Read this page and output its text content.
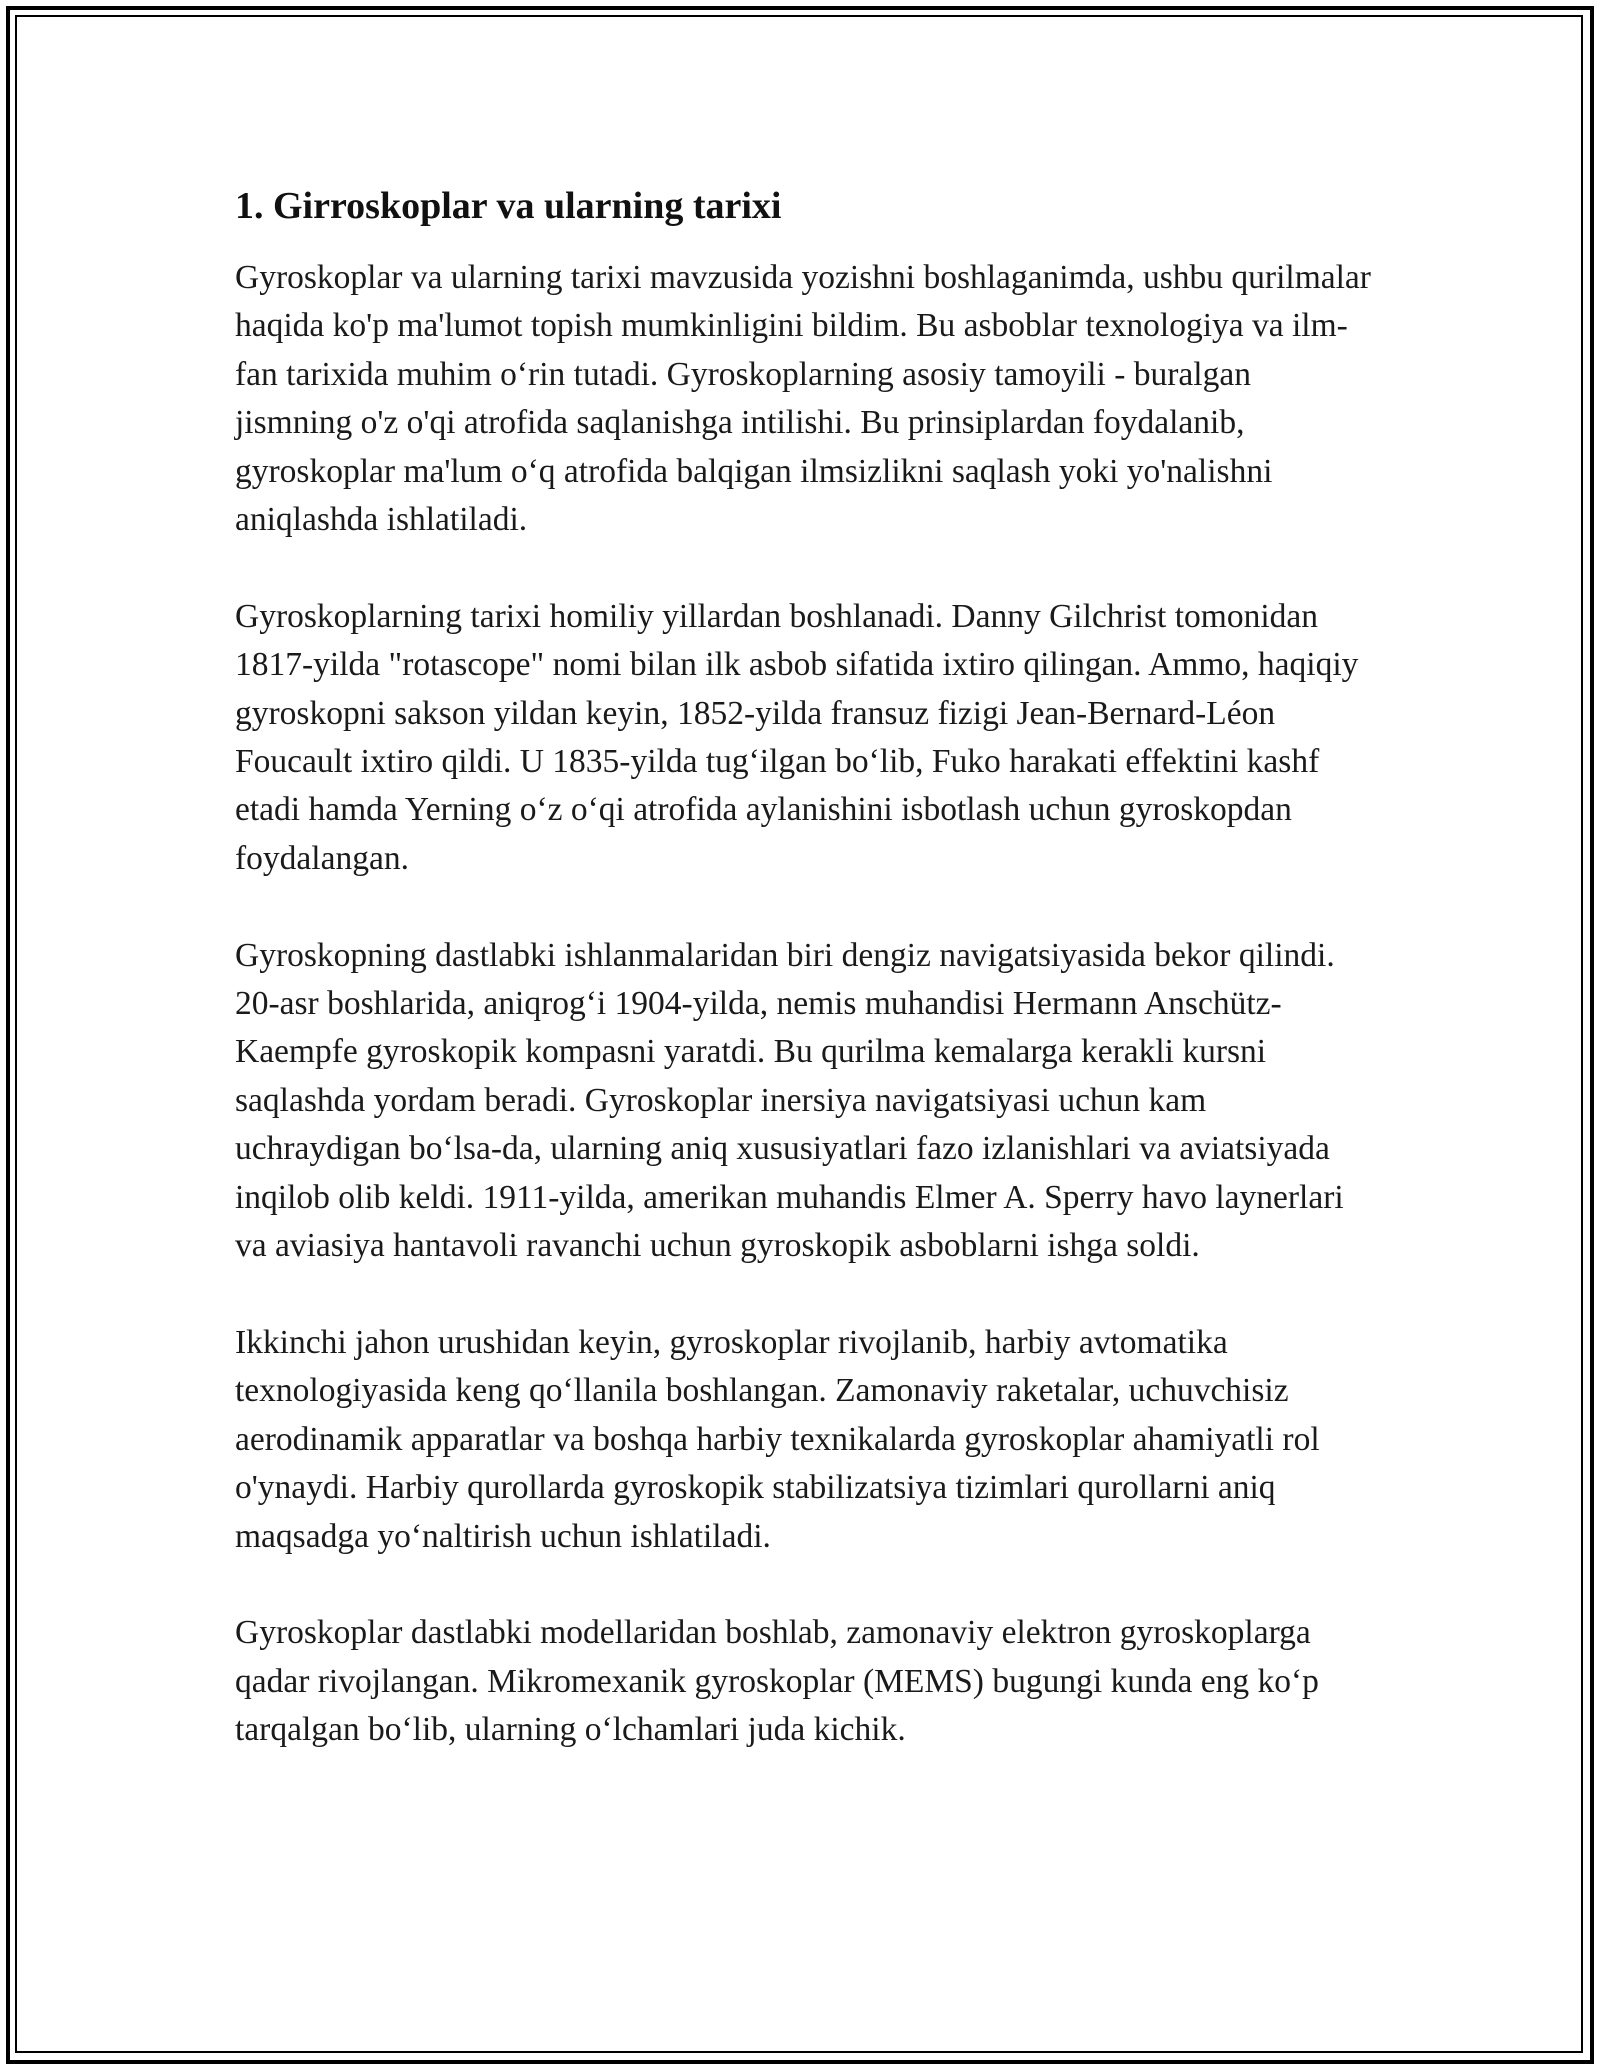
1. Girroskoplar va ularning tarixi

Gyroskoplar va ularning tarixi mavzusida yozishni boshlaganimda, ushbu qurilmalar haqida ko'p ma'lumot topish mumkinligini bildim. Bu asboblar texnologiya va ilm-fan tarixida muhim o‘rin tutadi. Gyroskoplarning asosiy tamoyili - buralgan jismning o'z o'qi atrofida saqlanishga intilishi. Bu prinsiplardan foydalanib, gyroskoplar ma'lum o‘q atrofida balqigan ilmsizlikni saqlash yoki yo'nalishni aniqlashda ishlatiladi.

Gyroskoplarning tarixi homiliy yillardan boshlanadi. Danny Gilchrist tomonidan 1817-yilda "rotascope" nomi bilan ilk asbob sifatida ixtiro qilingan. Ammo, haqiqiy gyroskopni sakson yildan keyin, 1852-yilda fransuz fizigi Jean-Bernard-Léon Foucault ixtiro qildi. U 1835-yilda tug‘ilgan bo‘lib, Fuko harakati effektini kashf etadi hamda Yerning o‘z o‘qi atrofida aylanishini isbotlash uchun gyroskopdan foydalangan.

Gyroskopning dastlabki ishlanmalaridan biri dengiz navigatsiyasida bekor qilindi. 20-asr boshlarida, aniqrog‘i 1904-yilda, nemis muhandisi Hermann Anschütz-Kaempfe gyroskopik kompasni yaratdi. Bu qurilma kemalarga kerakli kursni saqlashda yordam beradi. Gyroskoplar inersiya navigatsiyasi uchun kam uchraydigan bo‘lsa-da, ularning aniq xususiyatlari fazo izlanishlari va aviatsiyada inqilob olib keldi. 1911-yilda, amerikan muhandis Elmer A. Sperry havo laynerlari va aviasiya hantavoli ravanchi uchun gyroskopik asboblarni ishga soldi.

Ikkinchi jahon urushidan keyin, gyroskoplar rivojlanib, harbiy avtomatika texnologiyasida keng qo‘llanila boshlangan. Zamonaviy raketalar, uchuvchisiz aerodinamik apparatlar va boshqa harbiy texnikalarda gyroskoplar ahamiyatli rol o'ynaydi. Harbiy qurollarda gyroskopik stabilizatsiya tizimlari qurollarni aniq maqsadga yo‘naltirish uchun ishlatiladi.

Gyroskoplar dastlabki modellaridan boshlab, zamonaviy elektron gyroskoplarga qadar rivojlangan. Mikromexanik gyroskoplar (MEMS) bugungi kunda eng ko‘p tarqalgan bo‘lib, ularning o‘lchamlari juda kichik.
